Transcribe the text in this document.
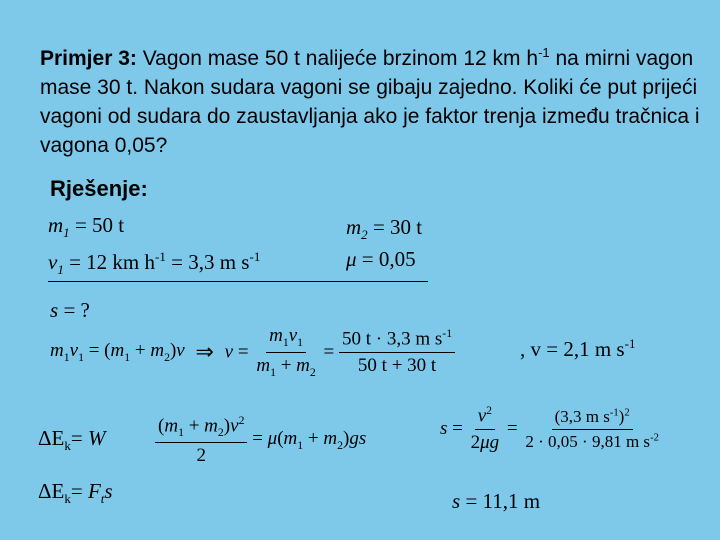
Primjer 3: Vagon mase 50 t nalijeće brzinom 12 km $h^{-1}$ na mirni vagon mase 30 t. Nakon sudara vagoni se gibaju zajedno. Koliki će put prijeći vagoni od sudara do zaustavljanja ako je faktor trenja između tračnica i vagona 0,05?
Rješenje:
$m_1 = 50$ t
$v_1 = 12$ km $h^{-1} = 3,3$ m $s^{-1}$
$m_2 = 30$ t
μ = 0,05
s = ?
$m_1v_1 = (m_1 + m_2)v$ ⇒ $v = \frac{m_1v_1}{m_1 + m_2} = \frac{50 t \cdot 3,3 m s^{-1}}{50 t + 30 t}$	, v = 2,1 m $s^{-1}$
$\Delta E_k= W$
$\Delta E_k= F_ts$
$\frac{(m_1 + m_2)v^2}{2} = \mu(m_1 + m_2)gs$	$s = \frac{v^2}{2\mu g} = \frac{(3,3 m s^{-1})^2}{2 \cdot 0,05 \cdot 9,81 m s^{-2}}$
s = 11,1 m
